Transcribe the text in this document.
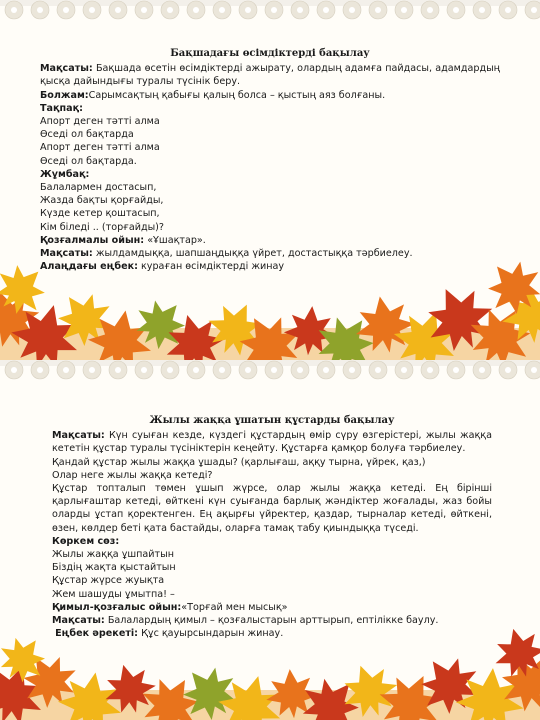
Бақшадағы өсімдіктерді бақылау
Мақсаты: Бақшада өсетін өсімдіктерді ажырату, олардың адамға пайдасы, адамдардың қысқа дайындығы туралы түсінік беру.
Болжам:Сарымсақтың қабығы қалың болса – қыстың аяз болғаны.
Тақпақ:
Апорт деген тәтті алма
Өседі ол бақтарда
Апорт деген тәтті алма
Өседі ол бақтарда.
Жұмбақ:
Балалармен достасып,
Жазда бақты қорғайды,
Күзде кетер қоштасып,
Кім біледі .. (торғайды)?
Қозғалмалы ойын: «Ұшақтар».
Мақсаты: жылдамдыққа, шапшаңдыққа үйрет, достастыққа тәрбиелеу.
Алаңдағы еңбек: кураған өсімдіктерді жинау
Жылы жаққа ұшатын құстарды бақылау
Мақсаты: Күн суыған кезде, күздегі құстардың өмір сүру өзгерістері, жылы жаққа кететін құстар туралы түсініктерін кеңейту. Құстарға қамқор болуға тәрбиелеу.
Қандай құстар жылы жаққа ұшады? (қарлығаш, аққу тырна, үйрек, қаз,)
Олар неге жылы жаққа кетеді?
Құстар топталып төмен ұшып жүрсе, олар жылы жаққа кетеді. Ең бірінші қарлығаштар кетеді, өйткені күн суығанда барлық жәндіктер жоғалады, жаз бойы оларды ұстап қоректенген. Ең ақырғы үйректер, қаздар, тырналар кетеді, өйткені, өзен, көлдер беті қата бастайды, оларға тамақ табу қиындыққа түседі.
Көркем сөз:
Жылы жаққа ұшпайтын
Біздің жақта қыстайтын
Құстар жүрсе жуықта
Жем шашуды ұмытпа! –
Қимыл-қозғалыс ойын:«Торғай мен мысық»
Мақсаты: Балалардың қимыл – қозғалыстарын арттырып, ептілікке баулу.
Еңбек әрекеті: Құс қауырсындарын жинау.
